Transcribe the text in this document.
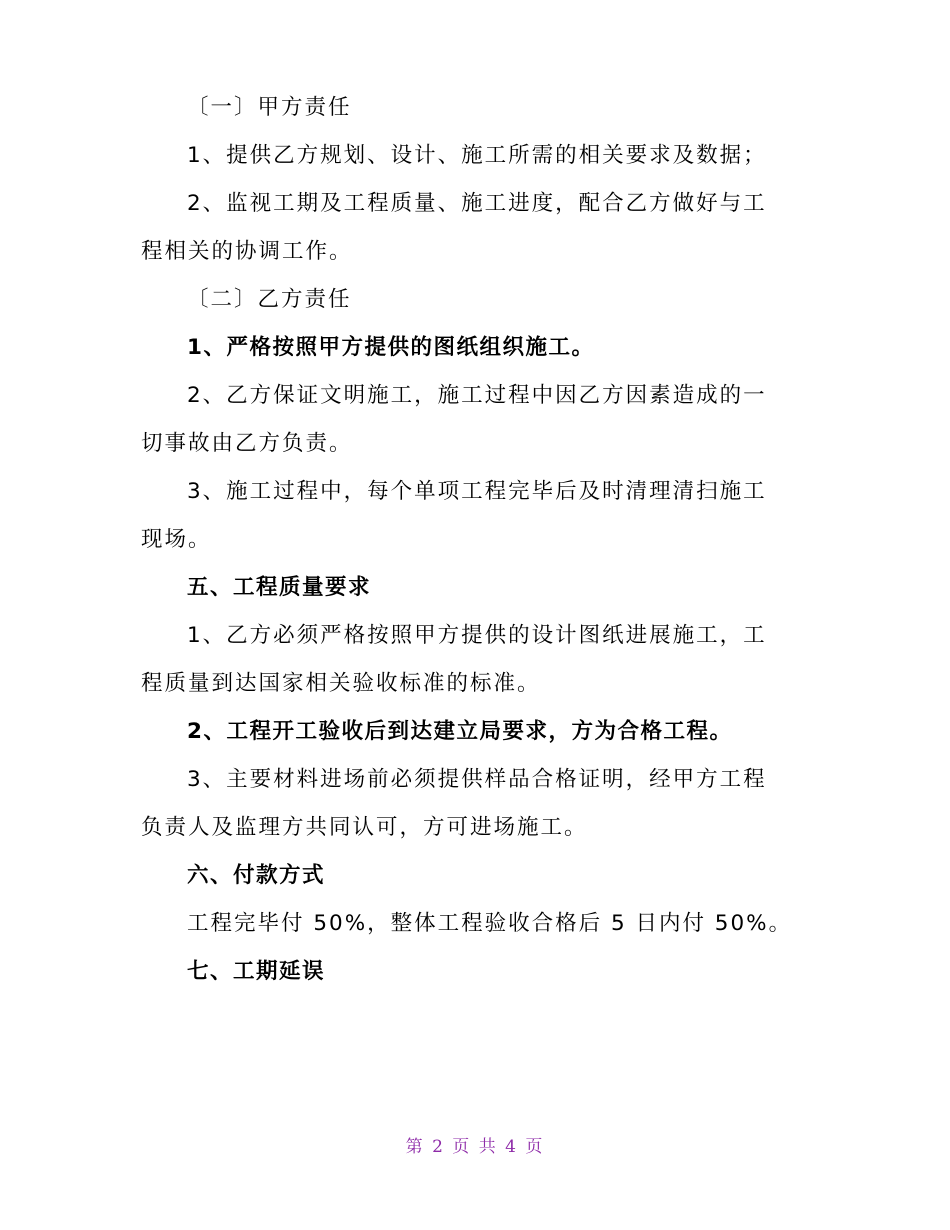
〔一〕甲方责任

1、提供乙方规划、设计、施工所需的相关要求及数据；

2、监视工期及工程质量、施工进度，配合乙方做好与工

程相关的协调工作。

〔二〕乙方责任

1、严格按照甲方提供的图纸组织施工。

2、乙方保证文明施工，施工过程中因乙方因素造成的一

切事故由乙方负责。

3、施工过程中，每个单项工程完毕后及时清理清扫施工

现场。

五、工程质量要求

1、乙方必须严格按照甲方提供的设计图纸进展施工，工

程质量到达国家相关验收标准的标准。

2、工程开工验收后到达建立局要求，方为合格工程。

3、主要材料进场前必须提供样品合格证明，经甲方工程

负责人及监理方共同认可，方可进场施工。

六、付款方式

工程完毕付 50%，整体工程验收合格后 5 日内付 50%。

七、工期延误

第 2 页 共 4 页
